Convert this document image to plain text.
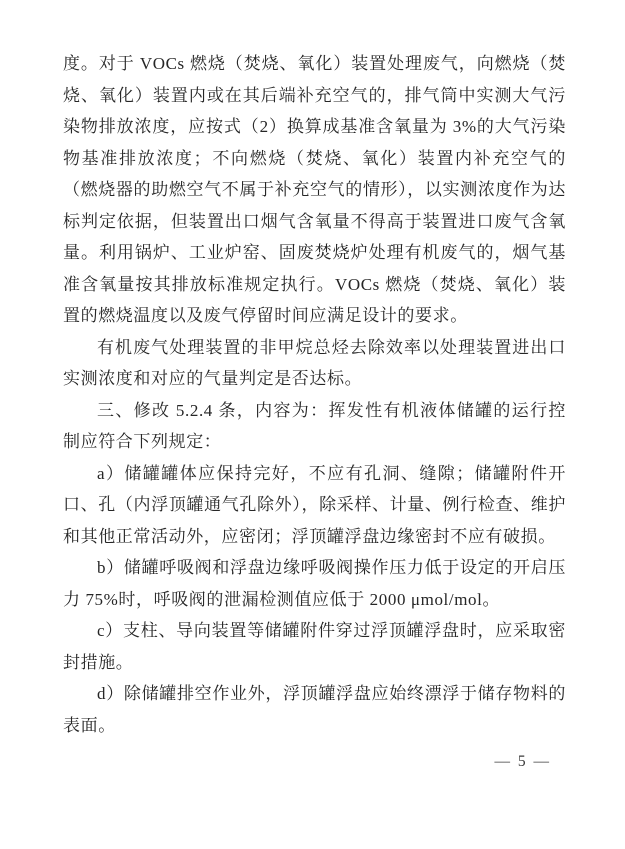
度。对于 VOCs 燃烧（焚烧、氧化）装置处理废气，向燃烧（焚烧、氧化）装置内或在其后端补充空气的，排气筒中实测大气污染物排放浓度，应按式（2）换算成基准含氧量为 3%的大气污染物基准排放浓度；不向燃烧（焚烧、氧化）装置内补充空气的（燃烧器的助燃空气不属于补充空气的情形），以实测浓度作为达标判定依据，但装置出口烟气含氧量不得高于装置进口废气含氧量。利用锅炉、工业炉窑、固废焚烧炉处理有机废气的，烟气基准含氧量按其排放标准规定执行。VOCs 燃烧（焚烧、氧化）装置的燃烧温度以及废气停留时间应满足设计的要求。

有机废气处理装置的非甲烷总烃去除效率以处理装置进出口实测浓度和对应的气量判定是否达标。

三、修改 5.2.4 条，内容为：挥发性有机液体储罐的运行控制应符合下列规定：

a）储罐罐体应保持完好，不应有孔洞、缝隙；储罐附件开口、孔（内浮顶罐通气孔除外），除采样、计量、例行检查、维护和其他正常活动外，应密闭；浮顶罐浮盘边缘密封不应有破损。

b）储罐呼吸阀和浮盘边缘呼吸阀操作压力低于设定的开启压力 75%时，呼吸阀的泄漏检测值应低于 2000 μmol/mol。

c）支柱、导向装置等储罐附件穿过浮顶罐浮盘时，应采取密封措施。

d）除储罐排空作业外，浮顶罐浮盘应始终漂浮于储存物料的表面。

— 5 —
